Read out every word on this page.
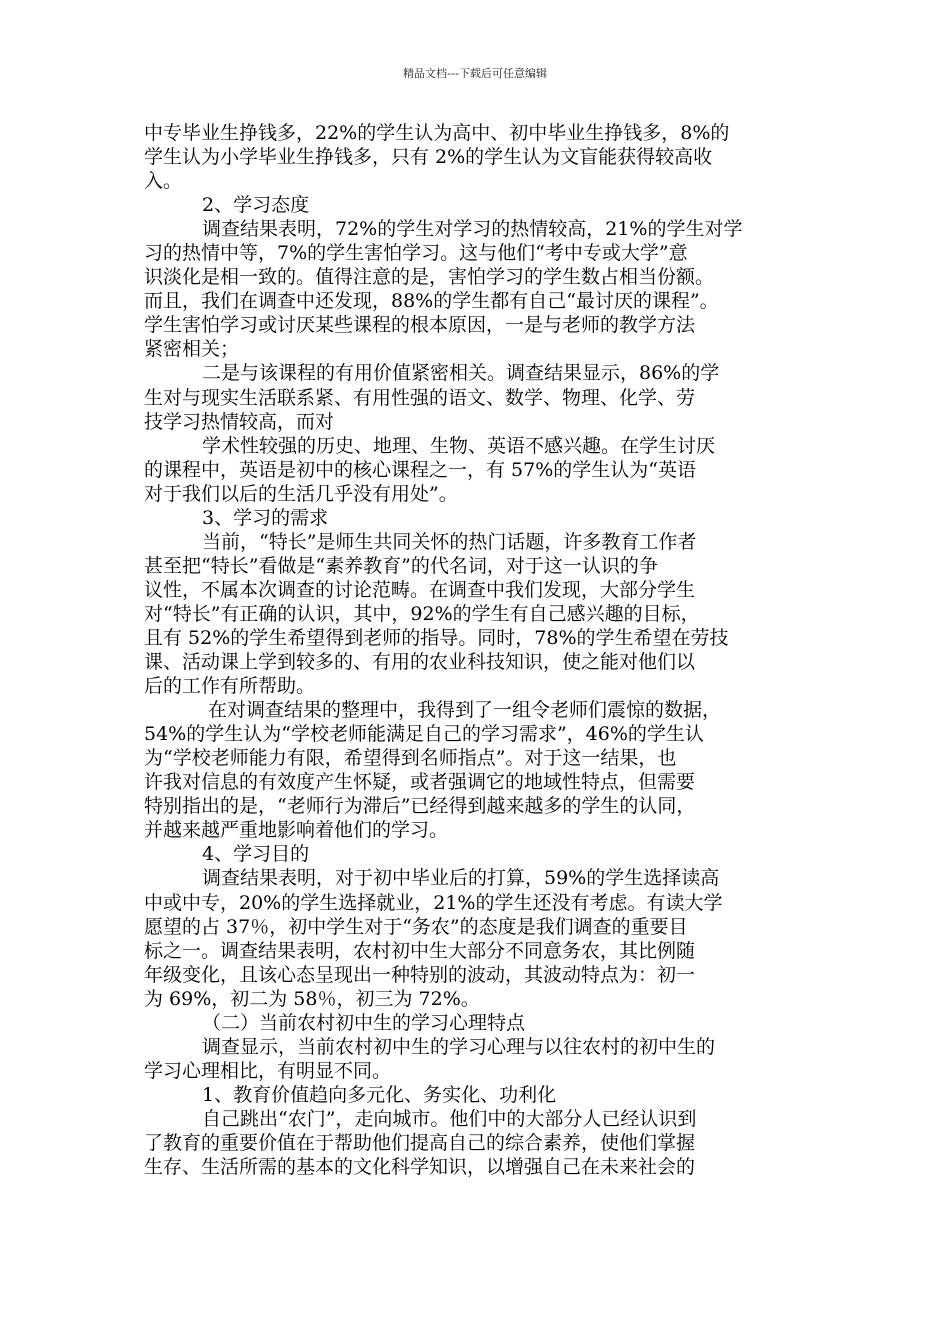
精品文档---下载后可任意编辑
中专毕业生挣钱多，22%的学生认为高中、初中毕业生挣钱多，8%的
学生认为小学毕业生挣钱多，只有 2%的学生认为文盲能获得较高收
入。
2、学习态度
调查结果表明，72%的学生对学习的热情较高，21%的学生对学
习的热情中等，7%的学生害怕学习。这与他们“考中专或大学”意
识淡化是相一致的。值得注意的是，害怕学习的学生数占相当份额。
而且，我们在调查中还发现，88%的学生都有自己“最讨厌的课程”。
学生害怕学习或讨厌某些课程的根本原因，一是与老师的教学方法
紧密相关；
二是与该课程的有用价值紧密相关。调查结果显示，86%的学
生对与现实生活联系紧、有用性强的语文、数学、物理、化学、劳
技学习热情较高，而对
学术性较强的历史、地理、生物、英语不感兴趣。在学生讨厌
的课程中，英语是初中的核心课程之一，有 57%的学生认为“英语
对于我们以后的生活几乎没有用处”。
3、学习的需求
当前，“特长”是师生共同关怀的热门话题，许多教育工作者
甚至把“特长”看做是“素养教育”的代名词，对于这一认识的争
议性，不属本次调查的讨论范畴。在调查中我们发现，大部分学生
对“特长”有正确的认识，其中，92%的学生有自己感兴趣的目标，
且有 52%的学生希望得到老师的指导。同时，78%的学生希望在劳技
课、活动课上学到较多的、有用的农业科技知识，使之能对他们以
后的工作有所帮助。
在对调查结果的整理中，我得到了一组令老师们震惊的数据，
54%的学生认为“学校老师能满足自己的学习需求”，46%的学生认
为“学校老师能力有限，希望得到名师指点”。对于这一结果，也
许我对信息的有效度产生怀疑，或者强调它的地域性特点，但需要
特别指出的是，“老师行为滞后”已经得到越来越多的学生的认同，
并越来越严重地影响着他们的学习。
4、学习目的
调查结果表明，对于初中毕业后的打算，59%的学生选择读高
中或中专，20%的学生选择就业，21%的学生还没有考虑。有读大学
愿望的占 37％，初中学生对于“务农”的态度是我们调查的重要目
标之一。调查结果表明，农村初中生大部分不同意务农，其比例随
年级变化，且该心态呈现出一种特别的波动，其波动特点为：初一
为 69%，初二为 58％，初三为 72%。
（二）当前农村初中生的学习心理特点
调查显示，当前农村初中生的学习心理与以往农村的初中生的
学习心理相比，有明显不同。
1、教育价值趋向多元化、务实化、功利化
自己跳出“农门”，走向城市。他们中的大部分人已经认识到
了教育的重要价值在于帮助他们提高自己的综合素养，使他们掌握
生存、生活所需的基本的文化科学知识，以增强自己在未来社会的
